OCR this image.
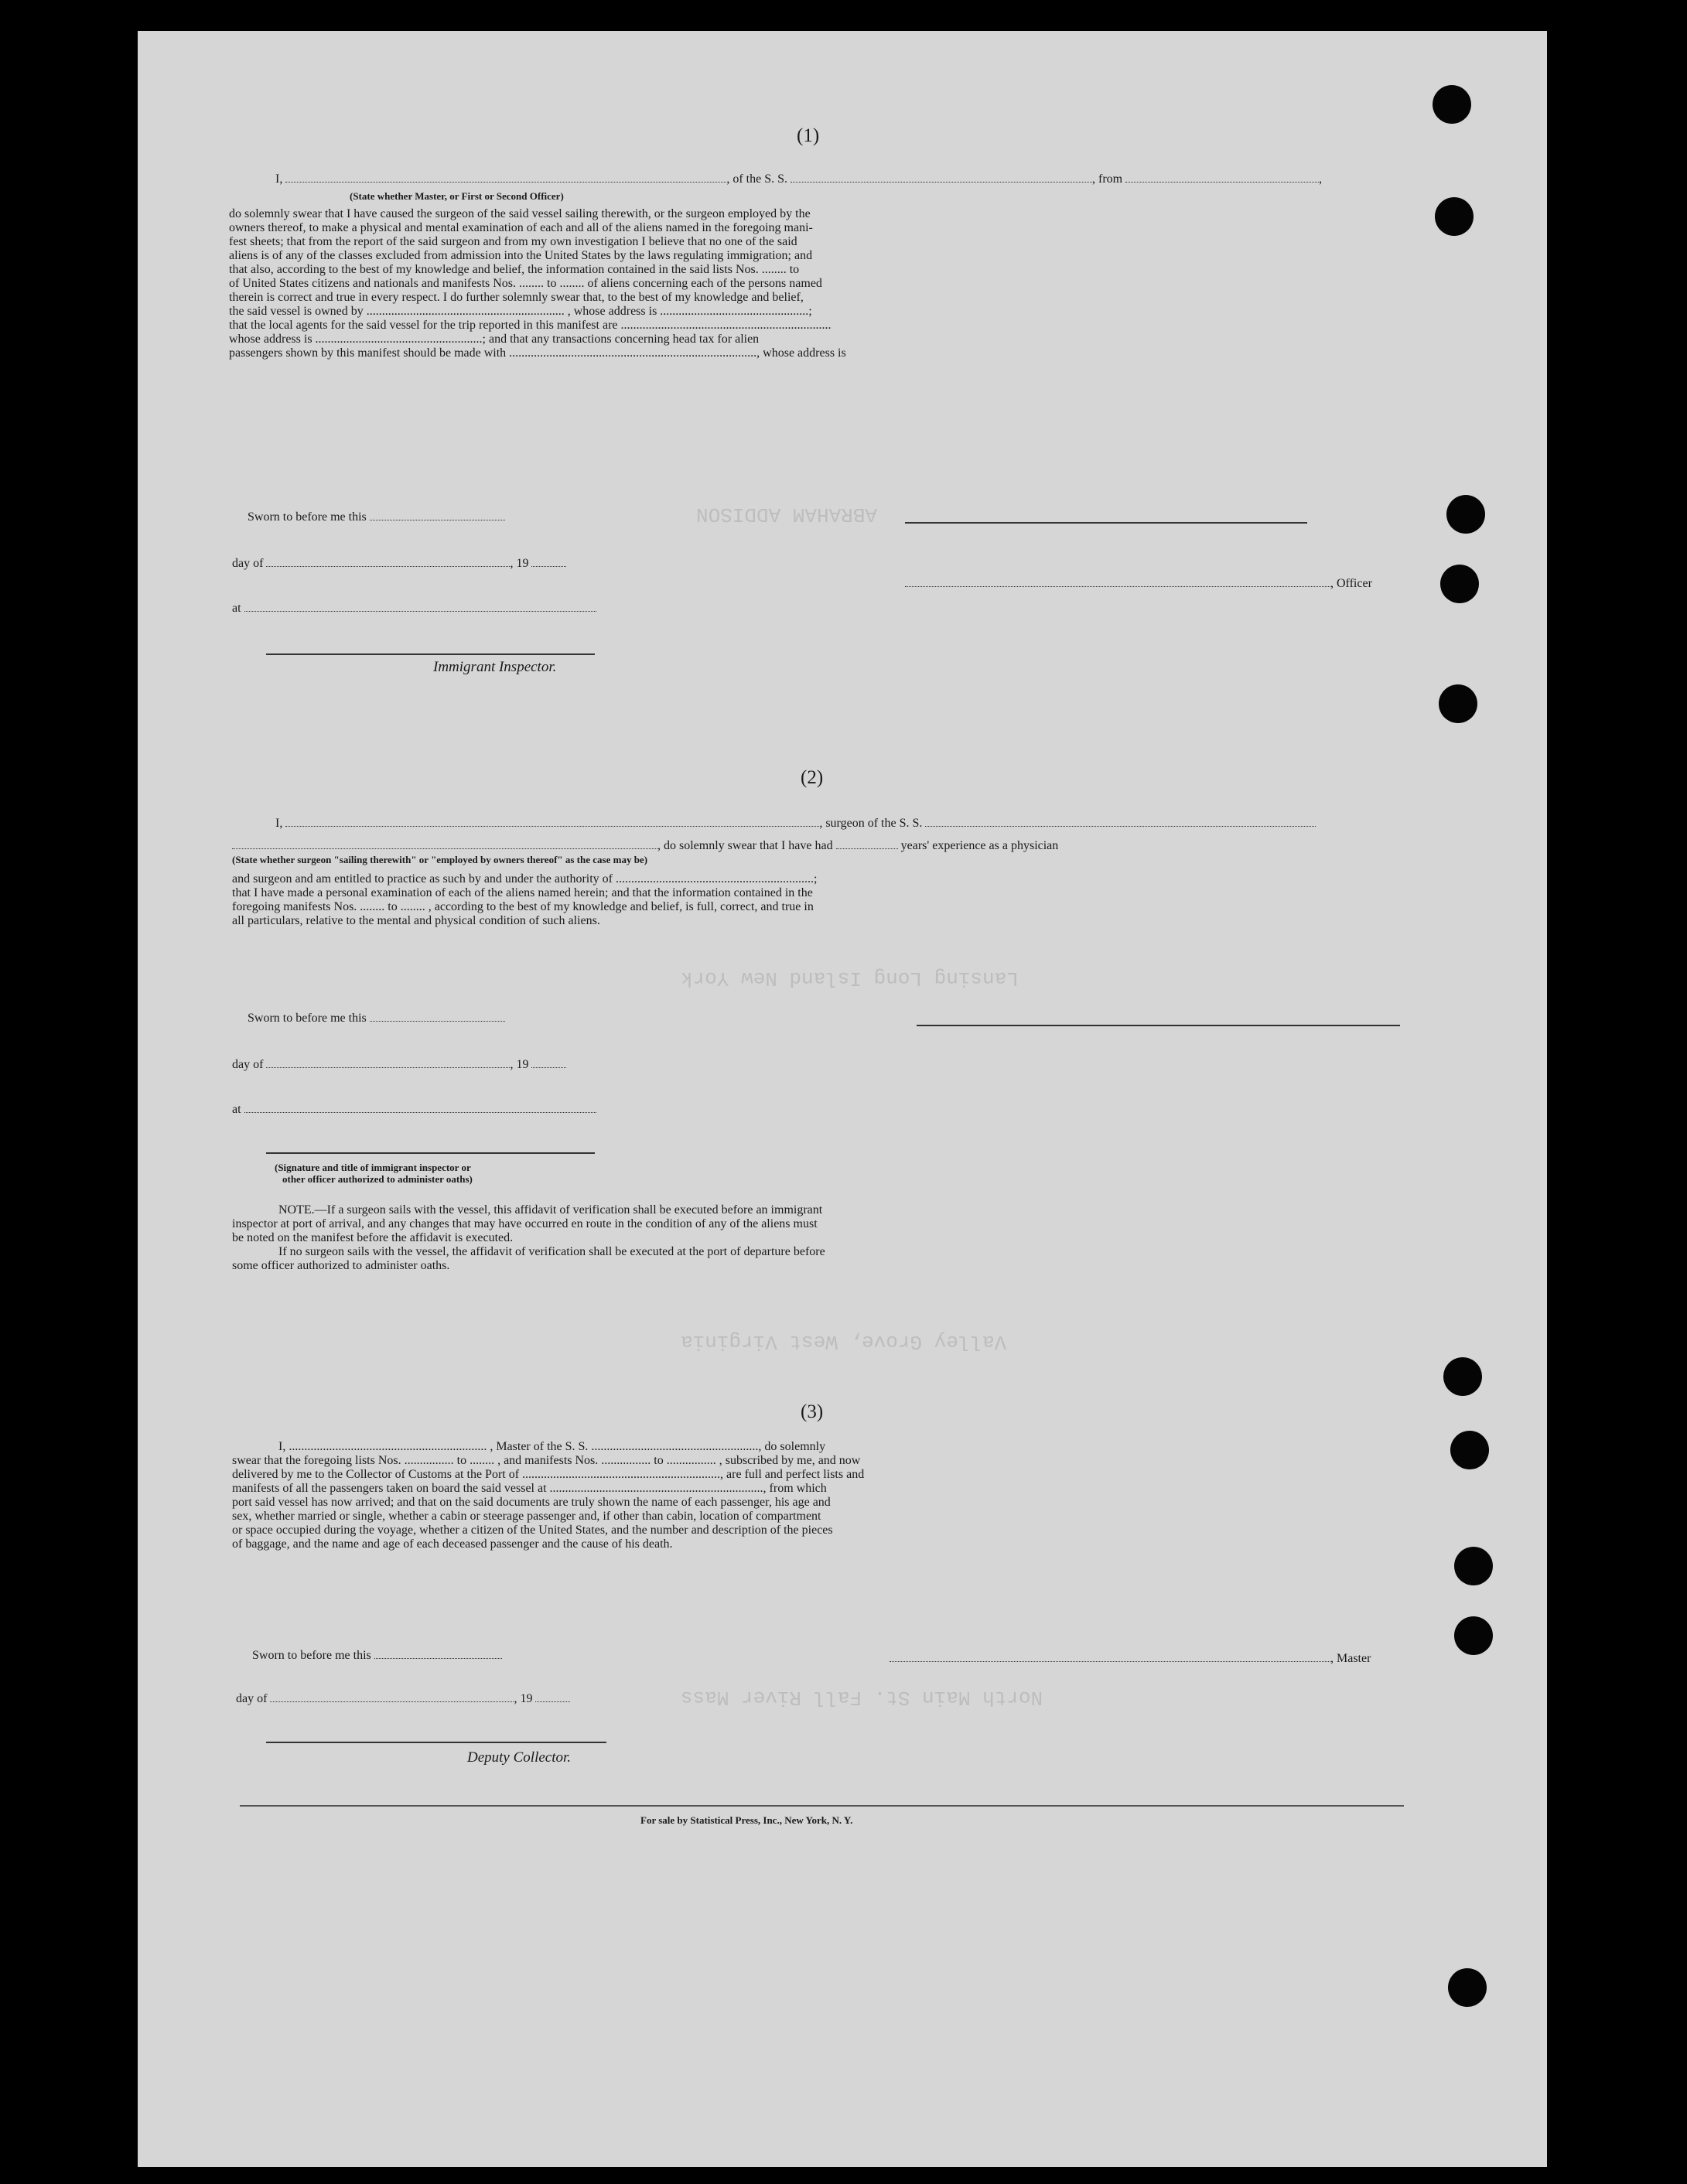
ABRAHAM ADDISON
Lansing Long Island New York
Valley Grove, West Virginia
North Main St. Fall River Mass
(1)
I,	, of the S. S.	, from	,
(State whether Master, or First or Second Officer)
do solemnly swear that I have caused the surgeon of the said vessel sailing therewith, or the surgeon employed by the
owners thereof, to make a physical and mental examination of each and all of the aliens named in the foregoing mani-
fest sheets; that from the report of the said surgeon and from my own investigation I believe that no one of the said
aliens is of any of the classes excluded from admission into the United States by the laws regulating immigration; and
that also, according to the best of my knowledge and belief, the information contained in the said lists Nos. ........ to
of United States citizens and nationals and manifests Nos. ........ to ........ of aliens concerning each of the persons named
therein is correct and true in every respect. I do further solemnly swear that, to the best of my knowledge and belief,
the said vessel is owned by ................................................................ , whose address is ................................................;
that the local agents for the said vessel for the trip reported in this manifest are ....................................................................
whose address is ......................................................; and that any transactions concerning head tax for alien
passengers shown by this manifest should be made with ................................................................................, whose address is
Sworn to before me this
day of	, 19
at
Immigrant Inspector.
, Officer
(2)
I,	, surgeon of the S. S.
, do solemnly swear that I have had	years' experience as a physician
(State whether surgeon "sailing therewith" or "employed by owners thereof" as the case may be)
and surgeon and am entitled to practice as such by and under the authority of ................................................................;
that I have made a personal examination of each of the aliens named herein; and that the information contained in the
foregoing manifests Nos. ........ to ........ , according to the best of my knowledge and belief, is full, correct, and true in
all particulars, relative to the mental and physical condition of such aliens.
Sworn to before me this
day of	, 19
at
(Signature and title of immigrant inspector or
other officer authorized to administer oaths)
NOTE.—If a surgeon sails with the vessel, this affidavit of verification shall be executed before an immigrant
inspector at port of arrival, and any changes that may have occurred en route in the condition of any of the aliens must
be noted on the manifest before the affidavit is executed.
If no surgeon sails with the vessel, the affidavit of verification shall be executed at the port of departure before
some officer authorized to administer oaths.
(3)
I, ................................................................ , Master of the S. S. ......................................................, do solemnly
swear that the foregoing lists Nos. ................ to ........ , and manifests Nos. ................ to ................ , subscribed by me, and now
delivered by me to the Collector of Customs at the Port of ................................................................, are full and perfect lists and
manifests of all the passengers taken on board the said vessel at ....................................................................., from which
port said vessel has now arrived; and that on the said documents are truly shown the name of each passenger, his age and
sex, whether married or single, whether a cabin or steerage passenger and, if other than cabin, location of compartment
or space occupied during the voyage, whether a citizen of the United States, and the number and description of the pieces
of baggage, and the name and age of each deceased passenger and the cause of his death.
Sworn to before me this
day of	, 19
Deputy Collector.
, Master
For sale by Statistical Press, Inc., New York, N. Y.
